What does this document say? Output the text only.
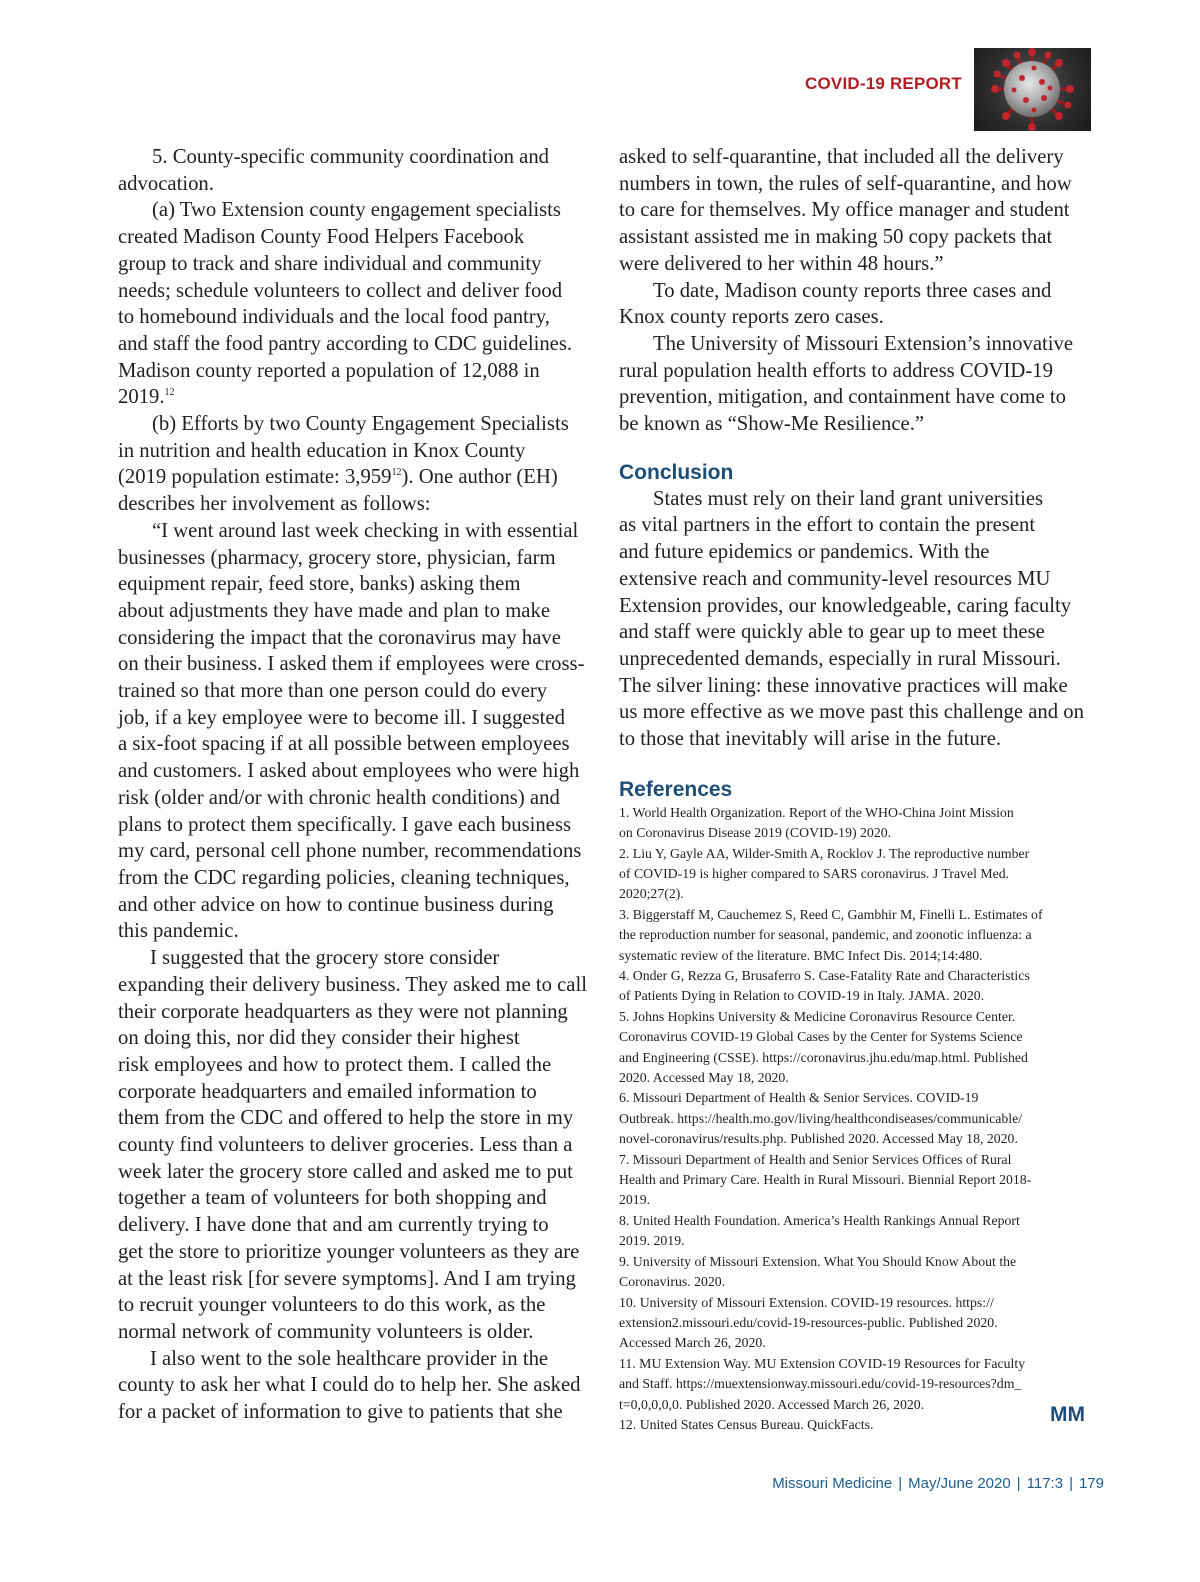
COVID-19 REPORT

5. County-specific community coordination and
advocation.

(a) Two Extension county engagement specialists
created Madison County Food Helpers Facebook
group to track and share individual and community
needs; schedule volunteers to collect and deliver food
to homebound individuals and the local food pantry,
and staff the food pantry according to CDC guidelines.
Madison county reported a population of 12,088 in
2019.12

(b) Efforts by two County Engagement Specialists
in nutrition and health education in Knox County
(2019 population estimate: 3,959$^{12}$). One author (EH)
describes her involvement as follows:

“I went around last week checking in with essential
businesses (pharmacy, grocery store, physician, farm
equipment repair, feed store, banks) asking them
about adjustments they have made and plan to make
considering the impact that the coronavirus may have
on their business. I asked them if employees were cross-
trained so that more than one person could do every
job, if a key employee were to become ill. I suggested
a six-foot spacing if at all possible between employees
and customers. I asked about employees who were high
risk (older and/or with chronic health conditions) and
plans to protect them specifically. I gave each business
my card, personal cell phone number, recommendations
from the CDC regarding policies, cleaning techniques,
and other advice on how to continue business during
this pandemic.

I suggested that the grocery store consider
expanding their delivery business. They asked me to call
their corporate headquarters as they were not planning
on doing this, nor did they consider their highest
risk employees and how to protect them. I called the
corporate headquarters and emailed information to
them from the CDC and offered to help the store in my
county find volunteers to deliver groceries. Less than a
week later the grocery store called and asked me to put
together a team of volunteers for both shopping and
delivery. I have done that and am currently trying to
get the store to prioritize younger volunteers as they are
at the least risk [for severe symptoms]. And I am trying
to recruit younger volunteers to do this work, as the
normal network of community volunteers is older.

I also went to the sole healthcare provider in the
county to ask her what I could do to help her. She asked
for a packet of information to give to patients that she

asked to self-quarantine, that included all the delivery
numbers in town, the rules of self-quarantine, and how
to care for themselves. My office manager and student
assistant assisted me in making 50 copy packets that
were delivered to her within 48 hours.”

To date, Madison county reports three cases and
Knox county reports zero cases.

The University of Missouri Extension’s innovative
rural population health efforts to address COVID-19
prevention, mitigation, and containment have come to
be known as “Show-Me Resilience.”

Conclusion

States must rely on their land grant universities
as vital partners in the effort to contain the present
and future epidemics or pandemics. With the
extensive reach and community-level resources MU
Extension provides, our knowledgeable, caring faculty
and staff were quickly able to gear up to meet these
unprecedented demands, especially in rural Missouri.
The silver lining: these innovative practices will make
us more effective as we move past this challenge and on
to those that inevitably will arise in the future.

References

1. World Health Organization. Report of the WHO-China Joint Mission
on Coronavirus Disease 2019 (COVID-19) 2020.

2. Liu Y, Gayle AA, Wilder-Smith A, Rocklov J. The reproductive number
of COVID-19 is higher compared to SARS coronavirus. J Travel Med.
2020;27(2).

3. Biggerstaff M, Cauchemez S, Reed C, Gambhir M, Finelli L. Estimates of
the reproduction number for seasonal, pandemic, and zoonotic influenza: a
systematic review of the literature. BMC Infect Dis. 2014;14:480.

4. Onder G, Rezza G, Brusaferro S. Case-Fatality Rate and Characteristics
of Patients Dying in Relation to COVID-19 in Italy. JAMA. 2020.

5. Johns Hopkins University & Medicine Coronavirus Resource Center.
Coronavirus COVID-19 Global Cases by the Center for Systems Science
and Engineering (CSSE). https://coronavirus.jhu.edu/map.html. Published
2020. Accessed May 18, 2020.

6. Missouri Department of Health & Senior Services. COVID-19
Outbreak. https://health.mo.gov/living/healthcondiseases/communicable/
novel-coronavirus/results.php. Published 2020. Accessed May 18, 2020.

7. Missouri Department of Health and Senior Services Offices of Rural
Health and Primary Care. Health in Rural Missouri. Biennial Report 2018-
2019.

8. United Health Foundation. America’s Health Rankings Annual Report
2019. 2019.

9. University of Missouri Extension. What You Should Know About the
Coronavirus. 2020.

10. University of Missouri Extension. COVID-19 resources. https://
extension2.missouri.edu/covid-19-resources-public. Published 2020.
Accessed March 26, 2020.

11. MU Extension Way. MU Extension COVID-19 Resources for Faculty
and Staff. https://muextensionway.missouri.edu/covid-19-resources?dm_
t=0,0,0,0,0. Published 2020. Accessed March 26, 2020.

12. United States Census Bureau. QuickFacts.	MM
Missouri Medicine | May/June 2020 | 117:3 | 179
